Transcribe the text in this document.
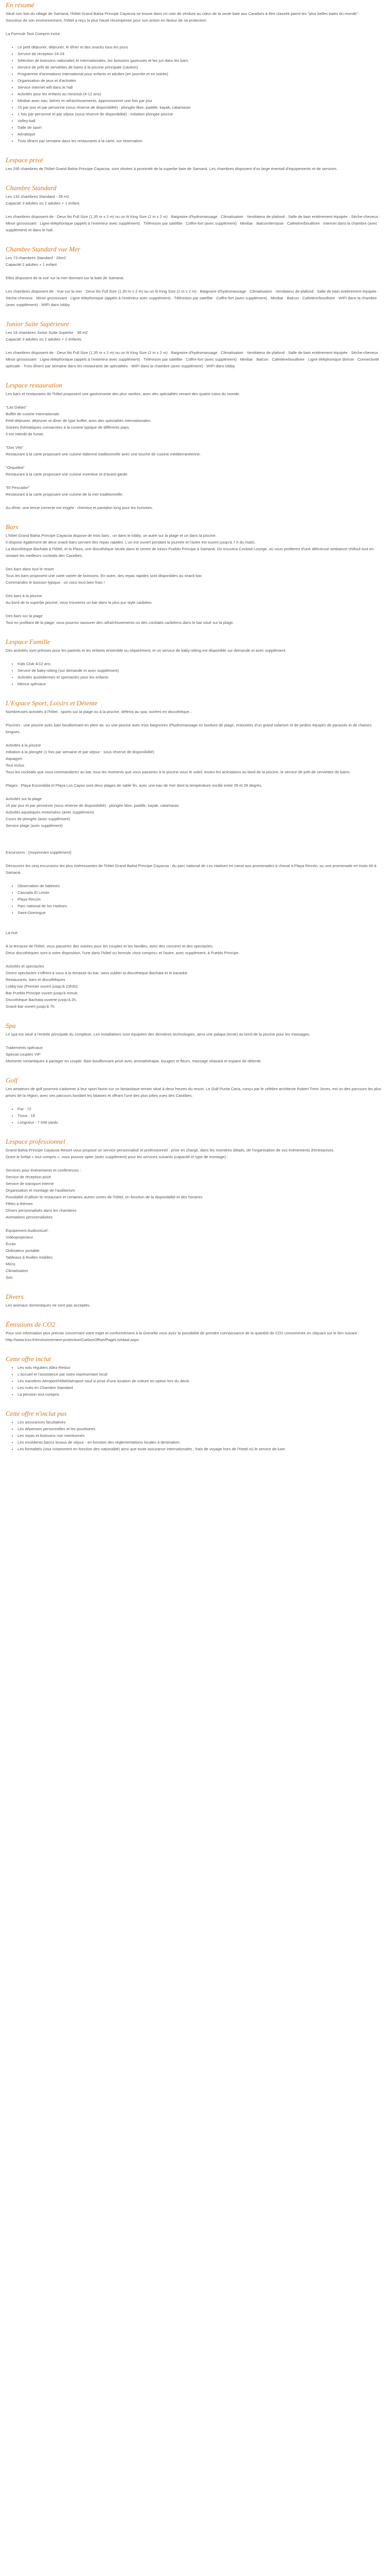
En résumé

Situé non loin du village de Samaná, l'hôtel Grand Bahia Principe Cayacoa se trouve dans un coin de verdure au cœur de la seule baie aux Caraïbes à être classée parmi les "plus belles baies du monde".

Soucieux de son environnement, l'hôtel a reçu la plus haute récompense pour son action en faveur de sa protection.

La Formule Tout Compris inclut :

• Le petit déjeuner, déjeuner, le dîner et des snacks tous les jours
• Service de réception 24-24
• Sélection de boissons nationales et internationales, les boissons gazeuses et les jus dans les bars
• Service de prêt de serviettes de bains à la piscine principale (caution)
• Programme d'animations international pour enfants et adultes (en journée et en soirée)
• Organisation de jeux et d'activités
• Service Internet wifi dans le hall
• Activités pour les enfants au miniclub (4-12 ans)
• Minibar avec eau, bières et rafraichissements. Approvisionné une fois par jour
• 1h par jour et par personne (sous réserve de disponibilité) : plongée libre, paddle, kayak, catamaran
• 1 fois par personne et par séjour (sous réserve de disponibilité) : initiation plongée piscine
• Volley-ball
• Salle de sport
• Aérobique
• Trois dîners par semaine dans les restaurants à la carte, sur réservation
Lespace privé

Les 295 chambres de l'hôtel Grand Bahia Principe Cayacoa, sont situées à proximité de la superbe baie de Samaná. Les chambres disposent d'un large éventail d'équipements et de services.

Chambre Standard

Les 132 chambres Standard - 28 m2

Capacité 3 adultes ou 2 adultes + 1 enfant.

Les chambres disposent de : Deux lits Full Size (1,35 m x 2 m) ou un lit King Size (2 m x 2 m) · Baignoire d'hydromassage · Climatisation · Ventilateur de plafond · Salle de bain entièrement équipée · Sèche-cheveux · Miroir grossissant · Ligne téléphonique (appels à l'extérieur avec supplément) · Télévision par satellite · Coffre-fort (avec supplément) · Minibar · Balcon/terrasse · Cafetière/bouilloire · Internet dans la chambre (avec supplément) et dans le hall.

Chambre Standard vue Mer

Les 73 chambres Standard - 28m2

Capacité 2 adultes + 1 enfant

Elles disposent de la vue sur la mer donnant sur la baie de Samaná.

Les chambres disposent de : Vue sur la mer · Deux lits Full Size (1,35 m x 2 m) ou un lit King Size (2 m x 2 m) · Baignoire d'hydromassage · Climatisation · Ventilateur de plafond · Salle de bain entièrement équipée · Sèche-cheveux · Miroir grossissant · Ligne téléphonique (appels à l'extérieur avec supplément) · Télévision par satellite · Coffre-fort (avec supplément) · Minibar · Balcon · Cafetière/bouilloire · WIFI dans la chambre (avec supplément) · WIFI dans lobby.

Junior Suite Supérieure

Les 18 chambres Junior Suite Superior - 38 m2

Capacité 3 adultes ou 2 adultes + 2 enfants.

Les chambres disposent de : Deux lits Full Size (1,35 m x 2 m) ou un lit King Size (2 m x 2 m) · Baignoire d'hydromassage · Climatisation · Ventilateur de plafond · Salle de bain entièrement équipée · Sèche-cheveux · Miroir grossissant · Ligne téléphonique (appels à l'extérieur avec supplément) · Télévision par satellite · Coffre-fort (avec supplément) · Minibar · Balcon · Cafetière/bouilloire · Ligne téléphonique directe · Connectivité spéciale · Trois dîners par semaine dans les restaurants de spécialités · WIFI dans la chambre (avec supplément) · WIFI dans lobby.

Lespace restauration

Les bars et restaurants de l'hôtel proposent une gastronomie des plus variées, avec des spécialités venant des quatre coins du monde.

"Las Dalias"

Buffet de cuisine internationale

Petit-déjeuner, déjeuner et dîner de type buffet, avec des spécialités internationales.

Soirées thématiques consacrées à la cuisine typique de différents pays.

Il est interdit de fumer.

"Don Vito"

Restaurant à la carte proposant une cuisine italienne traditionnelle avec une touche de cuisine méditerranéenne.

"Orquidea"

Restaurant à la carte proposant une cuisine inventive et d'avant-garde.

"El Pescador"

Restaurant à la carte proposant une cuisine de la mer traditionnelle.

Au dîner, une tenue correcte est exigée : chemise et pantalon long pour les hommes.

Bars

L'hôtel Grand Bahia Principe Cayacoa dispose de trois bars : un dans le lobby, un autre sur la plage et un dans la piscine.

Il dispose également de deux snack-bars servant des repas rapides. L'un est ouvert pendant la journée et l'autre est ouvert jusqu'à 7 h du matin.

La discothèque Bachata à l'hôtel, et la Plaza, une discothèque située dans le centre de loisirs Pueblo Principe à Samaná. On trouvera Cocktail Lounge, où vous profiterez d'une délicieuse ambiance chillout tout en sirotant les meilleurs cocktails des Caraïbes.

Des bars dans tout le resort

Tous les bars proposent une carte variée de boissons. En outre, des repas rapides sont disponibles au snack-bar.

Commandez le boisson typique : un coco loco bien frais !

Des bars à la piscine

Au bord de la superbe piscine, vous trouverez un bar dans la plus pur style caribéen.

Des bars sur la plage

Tout en profitant de la plage, vous pourrez savourer des rafraîchissements ou des cocktails caribéens dans le bar situé sur la plage.

Lespace Famille

Des activités sont prévues pour les parents et les enfants ensemble ou séparément, et un service de baby-sitting est disponible sur demande et avec supplément.

• Kids Club 4/12 ans
• Service de baby-sitting (sur demande et avec supplément)
• Activités quotidiennes et spectacles pour les enfants
• Menus spéciaux
L'Espace Sport, Loisirs et Détente

Nombreuses activités à l'hôtel : sports sur la plage ou à la piscine, défenis au spa, soirées en discothèque...

Piscines : une piscine avec bain bouillonnant en plein air, ou une piscine avec trois baignoires d'hydromassage en bordure de plage, entourées d'un grand solarium et de jardins équipés de parasols et de chaises longues.

Activités à la piscine

Initiation à la plongée (1 fois par semaine et par séjour - sous réserve de disponibilité)

Aquagym

Tout inclus

Tous les cocktails que vous commanderez au bar, tous les moments que vous passerez à la piscine vous le soleil, toutes les animations au bord de la piscine, le service de prêt de serviettes de bains.

Plages : Playa Escondida et Playa Los Cayos sont deux plages de sable fin, avec une eau de mer dont la température oscille entre 26 et 28 degrés.

Activités sur la plage

1h par jour et par personne (sous réserve de disponibilité) : plongée libre, paddle, kayak, catamaran

Activités aquatiques motorisées (avec supplément)

Cours de plongée (avec supplément)

Service plage (avec supplément)

Excursions : (moyennant supplément)

Découvrez les cinq excursions les plus intéressantes de l'hôtel Grand Bahia Principe Cayacoa : du parc national de Los Haitises en canot aux promenades à cheval à Playa Rincón, ou une promenade en moto tôt à Samaná.

• Observation de baleines
• Cascada El Limón
• Playa Rincón
• Parc national de los Haitises
• Saint-Domingue

La nuit

À la terrasse de l'hôtel, vous passerez des soirées pour les couples et les familles, avec des concerts et des spectacles.

Deux discothèques sont à votre disposition, l'une dans l'hôtel ou formule »tout compris« et l'autre, avec supplément, à Pueblo Principe.

Activités et spectacles

Divers spectacles s'offrent à vous à la terrasse du bar, sans oublier la discothèque Bachata et le karaoké.

Restaurants, bars et discothèques

Lobby bar (Premier ouvert jusqu'à 23h30)

Bar Pueblo Principe ouvert jusqu'à minuit.

Discothèque Bachata ouverte jusqu'à 2h.

Snack-bar ouvert jusqu'à 7h.

Spa

Le spa est situé à l'entrée principale du complexe. Les installations sont équipées des dernières technologies, ainsi une palapa (tente) au bord de la piscine pour les massages.

Traitements spéciaux

Spécial couples VIP

Moments romantiques à partager en couple. Bain bouillonnant privé avec aromathérapie, bougies et fleurs, massage relaxant et espace de détente.

Golf

Les amateurs de golf pourront s'adonner à leur sport favori sur un fantastique terrain situé à deux heures du resort. Le Golf Punta Cana, conçu par le célèbre architecte Robert Trent Jones, est un des parcours les plus prisés de la région, avec ses parcours bordant les falaises et offrant l'une des plus jolies vues des Caraïbes.

• Par : 72
• Trous : 18
• Longueur : 7 046 yards
Lespace professionnel

Grand Bahia Principe Cayacoa Resort vous propose un service personnalisé et professionnel : prise en charge, dans les moindres détails, de l'organisation de vos événements d'entreprises.

Outre le forfait « tout compris », vous pouvez opter (avec supplément) pour les services suivants (capacité et type de montage) :

Services pour événements et conférences :

Service de réception privé

Service de transport interne

Organisation et montage de l'auditorium

Possibilité d'utiliser le restaurant et certaines autres zones de l'hôtel, en fonction de la disponibilité et des horaires

Fêtes à thèmes

Dîners personnalisés dans les chambres

Animations personnalisées

Équipement Audiovisuel :

Vidéoprojecteur

Écran

Ordinateur portable

Tableaux à feuilles mobiles

Micro

Climatisation

Son

Divers

Les animaux domestiques ne sont pas acceptés.

Émissions de CO2

Pour une information plus précise concernant votre trajet et conformément à la Grenelle vous avez la possibilité de prendre connaissance de la quantité de CO2 consommée en cliquant sur le lien suivant : http://www.lcsv.fr/environnement-protection/CarbonOffset/PageListIdaal.aspx

Cette offre inclut
• Les vols réguliers Allez-Retour
• L'accueil et l'assistance par notre représentant local
• Les transferts Aéroport/Hôtel/Aéroport sauf si prise d'une location de voiture en option lors du devis
• Les nuits en Chambre Standard
• La pension tout compris
Cette offre n'inclut pas
• Les assurances facultatives
• Les dépenses personnelles et les pourboires
• Les repas et boissons non mentionnés
• Les excédents bancs locaux de séjour - en fonction des réglementations locales à destination.
• Les formalités (visa notamment en fonction des nationalité) ainsi que toute assurance internationales ; frais de voyage hors de l'Hotel où le service de luxe.
